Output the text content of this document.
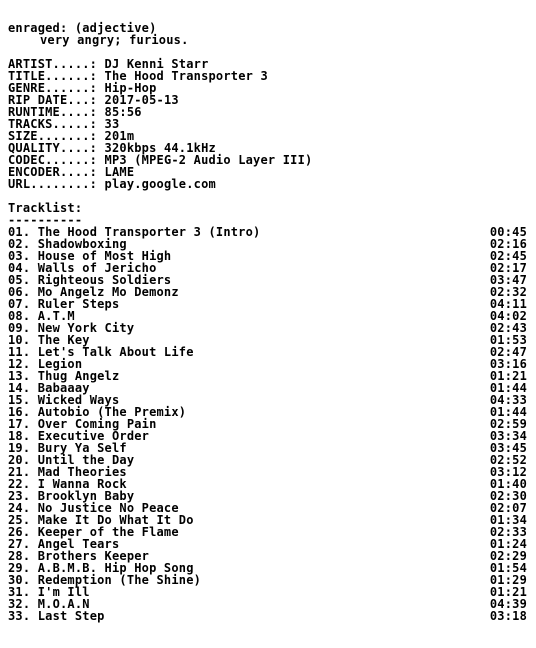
enraged: (adjective)
very angry; furious.
ARTIST.....: DJ Kenni Starr
TITLE......: The Hood Transporter 3
GENRE......: Hip-Hop
RIP DATE...: 2017-05-13
RUNTIME....: 85:56
TRACKS.....: 33
SIZE.......: 201m
QUALITY....: 320kbps 44.1kHz
CODEC......: MP3 (MPEG-2 Audio Layer III)
ENCODER....: LAME
URL........: play.google.com
Tracklist:
----------
01. The Hood Transporter 3 (Intro)	00:45
02. Shadowboxing	02:16
03. House of Most High	02:45
04. Walls of Jericho	02:17
05. Righteous Soldiers	03:47
06. Mo Angelz Mo Demonz	02:32
07. Ruler Steps	04:11
08. A.T.M	04:02
09. New York City	02:43
10. The Key	01:53
11. Let's Talk About Life	02:47
12. Legion	03:16
13. Thug Angelz	01:21
14. Babaaay	01:44
15. Wicked Ways	04:33
16. Autobio (The Premix)	01:44
17. Over Coming Pain	02:59
18. Executive Order	03:34
19. Bury Ya Self	03:45
20. Until the Day	02:52
21. Mad Theories	03:12
22. I Wanna Rock	01:40
23. Brooklyn Baby	02:30
24. No Justice No Peace	02:07
25. Make It Do What It Do	01:34
26. Keeper of the Flame	02:33
27. Angel Tears	01:24
28. Brothers Keeper	02:29
29. A.B.M.B. Hip Hop Song	01:54
30. Redemption (The Shine)	01:29
31. I'm Ill	01:21
32. M.O.A.N	04:39
33. Last Step	03:18
